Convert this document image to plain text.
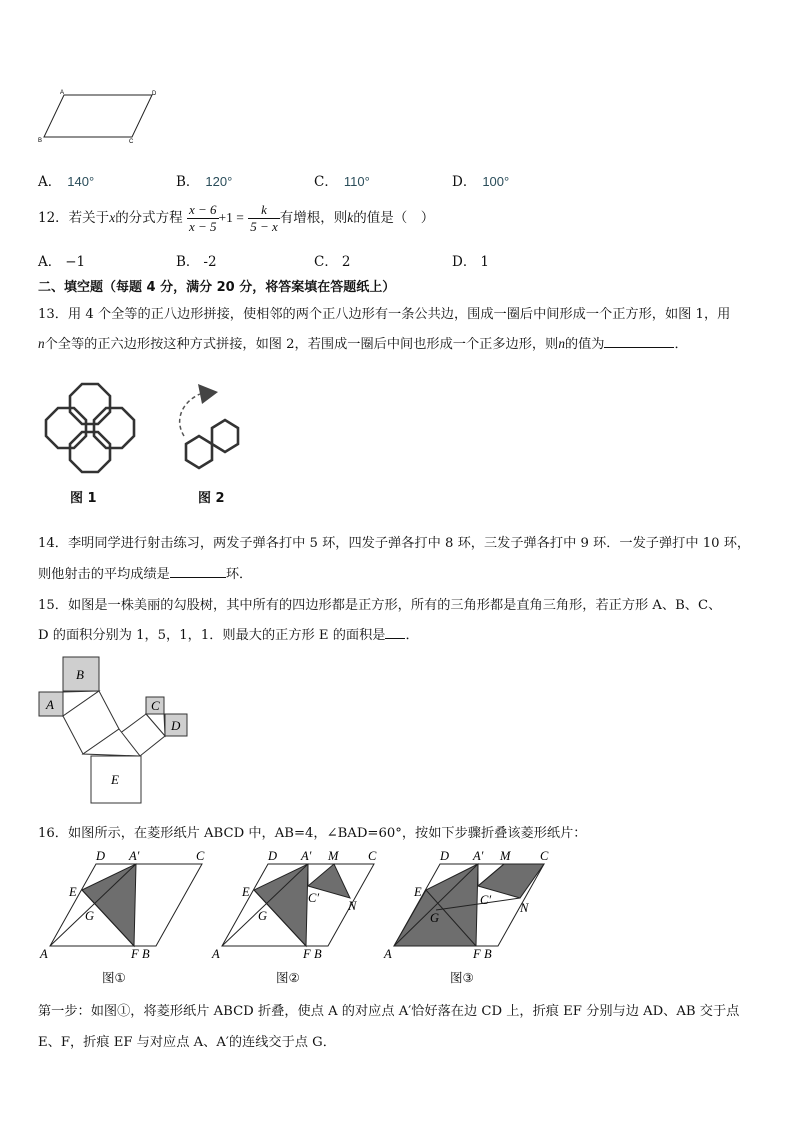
A	D
B	C
A． 140°	B． 120°	C． 110°	D． 100°
12．若关于x的分式方程 $\frac{x - 6}{x - 5} +1 = \frac{k}{5 - x}$ 有增根，则k的值是（　）
A． −1	B． -2	C． 2	D． 1
二、填空题（每题 4 分，满分 20 分，将答案填在答题纸上）
13．用 4 个全等的正八边形拼接，使相邻的两个正八边形有一条公共边，围成一圈后中间形成一个正方形，如图 1，用
n个全等的正六边形按这种方式拼接，如图 2，若围成一圈后中间也形成一个正多边形，则n的值为	．
图 1	图 2
14．李明同学进行射击练习，两发子弹各打中 5 环，四发子弹各打中 8 环，三发子弹各打中 9 环．一发子弹打中 10 环，
则他射击的平均成绩是	环．
15．如图是一株美丽的勾股树，其中所有的四边形都是正方形，所有的三角形都是直角三角形，若正方形 A、B、C、
D 的面积分别为 1，5，1，1．则最大的正方形 E 的面积是 ．
B
A	C
D
E
16．如图所示，在菱形纸片 ABCD 中，AB=4，∠BAD=60°，按如下步骤折叠该菱形纸片：
D A′	C
E
G
A	F B
图①
D A′ M C
C′
N
E
G
A	F B
图②
D A′ M C
C′
N
E
G
A	F B
图③
第一步：如图①，将菱形纸片 ABCD 折叠，使点 A 的对应点 A′恰好落在边 CD 上，折痕 EF 分别与边 AD、AB 交于点
E、F，折痕 EF 与对应点 A、A′的连线交于点 G．
